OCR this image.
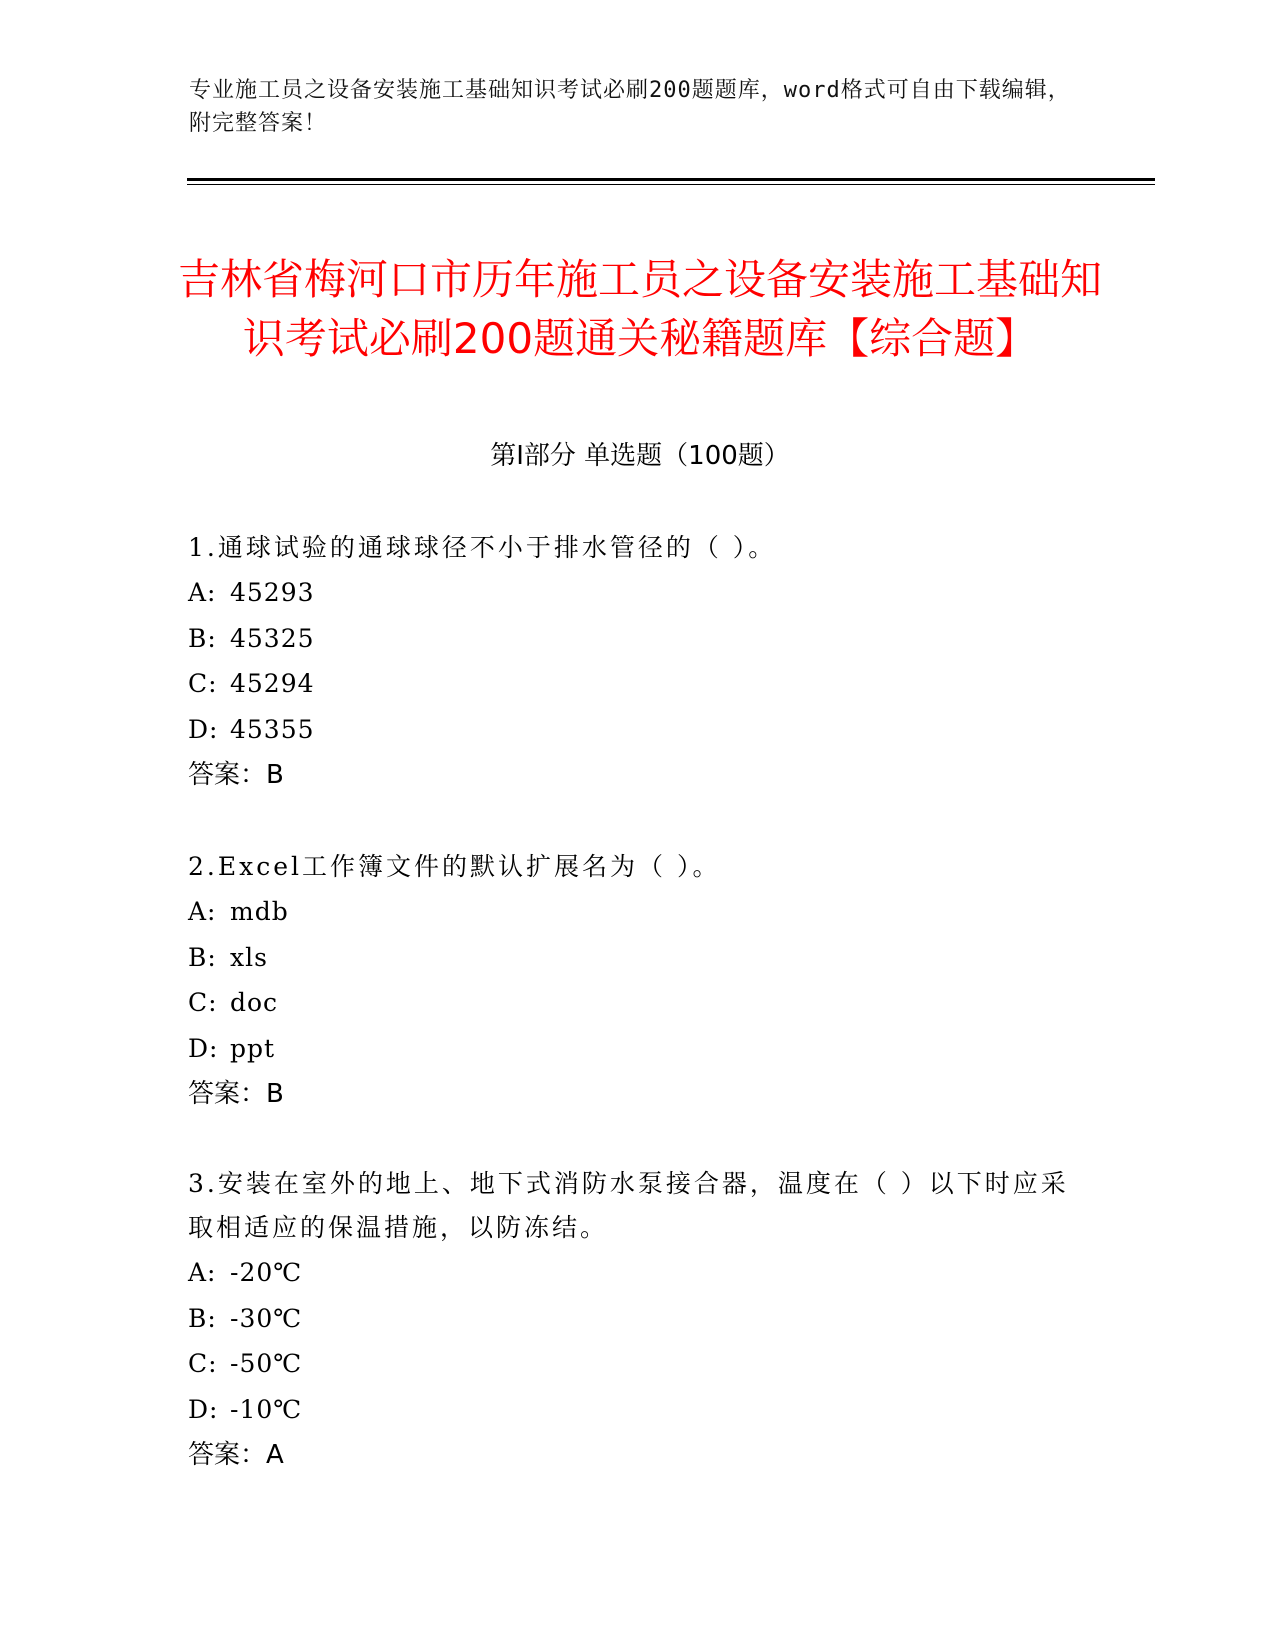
专业施工员之设备安装施工基础知识考试必刷200题题库，word格式可自由下载编辑，附完整答案！
吉林省梅河口市历年施工员之设备安装施工基础知识考试必刷200题通关秘籍题库【综合题】
第I部分 单选题（100题）

1.通球试验的通球球径不小于排水管径的（ ）。

A: 45293

B: 45325

C: 45294

D: 45355

答案：B

2.Excel工作簿文件的默认扩展名为（ ）。

A: mdb

B: xls

C: doc

D: ppt

答案：B

3.安装在室外的地上、地下式消防水泵接合器，温度在（ ）以下时应采取相适应的保温措施，以防冻结。

A: -20℃

B: -30℃

C: -50℃

D: -10℃

答案：A
